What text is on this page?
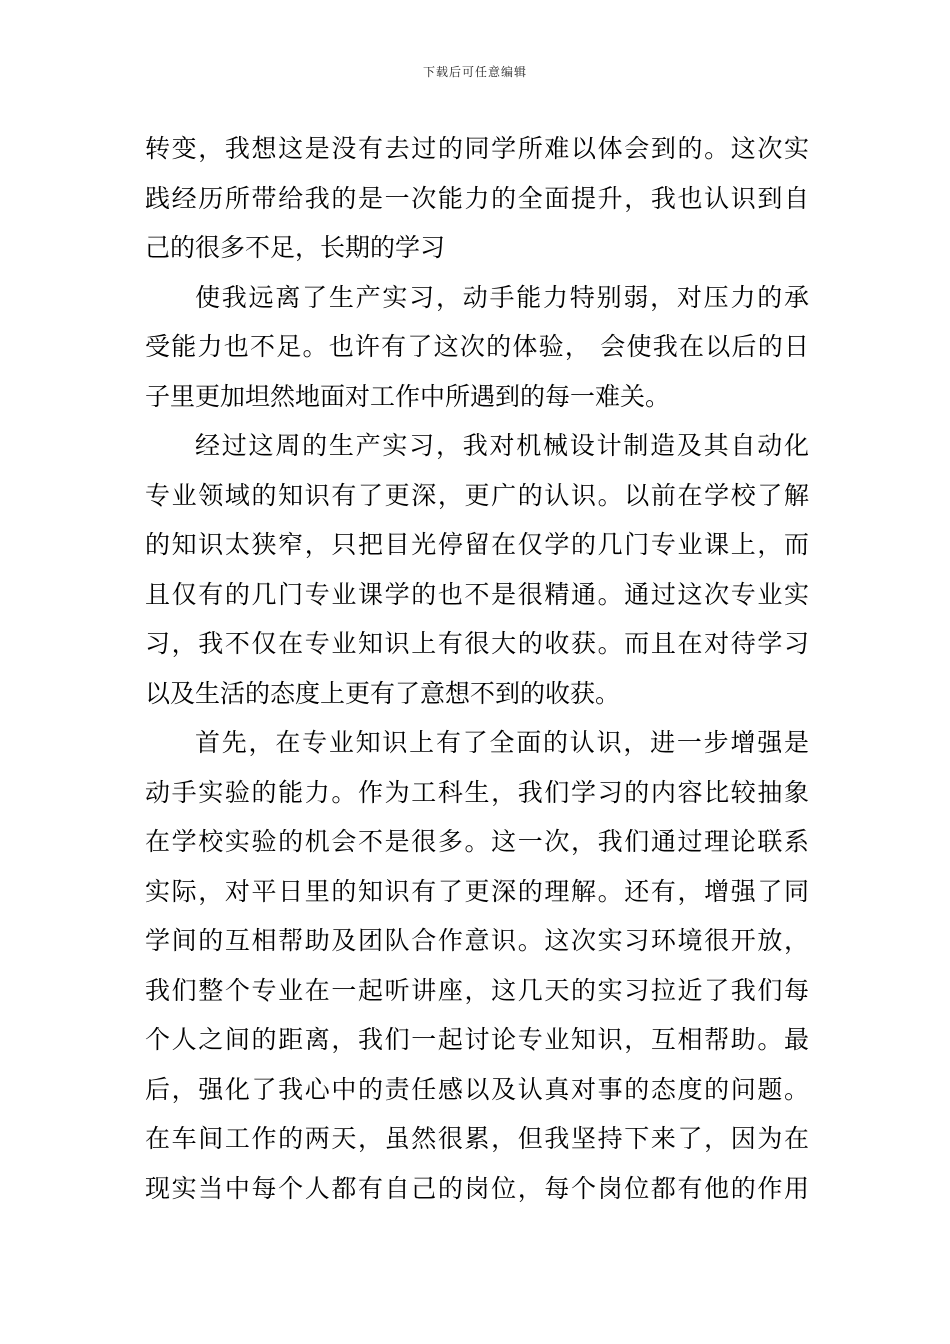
下载后可任意编辑
转变，我想这是没有去过的同学所难以体会到的。这次实
践经历所带给我的是一次能力的全面提升，我也认识到自
己的很多不足，长期的学习
使我远离了生产实习，动手能力特别弱，对压力的承
受能力也不足。也许有了这次的体验， 会使我在以后的日
子里更加坦然地面对工作中所遇到的每一难关。
经过这周的生产实习，我对机械设计制造及其自动化
专业领域的知识有了更深，更广的认识。以前在学校了解
的知识太狭窄，只把目光停留在仅学的几门专业课上，而
且仅有的几门专业课学的也不是很精通。通过这次专业实
习，我不仅在专业知识上有很大的收获。而且在对待学习
以及生活的态度上更有了意想不到的收获。
首先，在专业知识上有了全面的认识，进一步增强是
动手实验的能力。作为工科生，我们学习的内容比较抽象
在学校实验的机会不是很多。这一次，我们通过理论联系
实际，对平日里的知识有了更深的理解。还有，增强了同
学间的互相帮助及团队合作意识。这次实习环境很开放，
我们整个专业在一起听讲座，这几天的实习拉近了我们每
个人之间的距离，我们一起讨论专业知识，互相帮助。最
后，强化了我心中的责任感以及认真对事的态度的问题。
在车间工作的两天，虽然很累，但我坚持下来了，因为在
现实当中每个人都有自己的岗位，每个岗位都有他的作用
